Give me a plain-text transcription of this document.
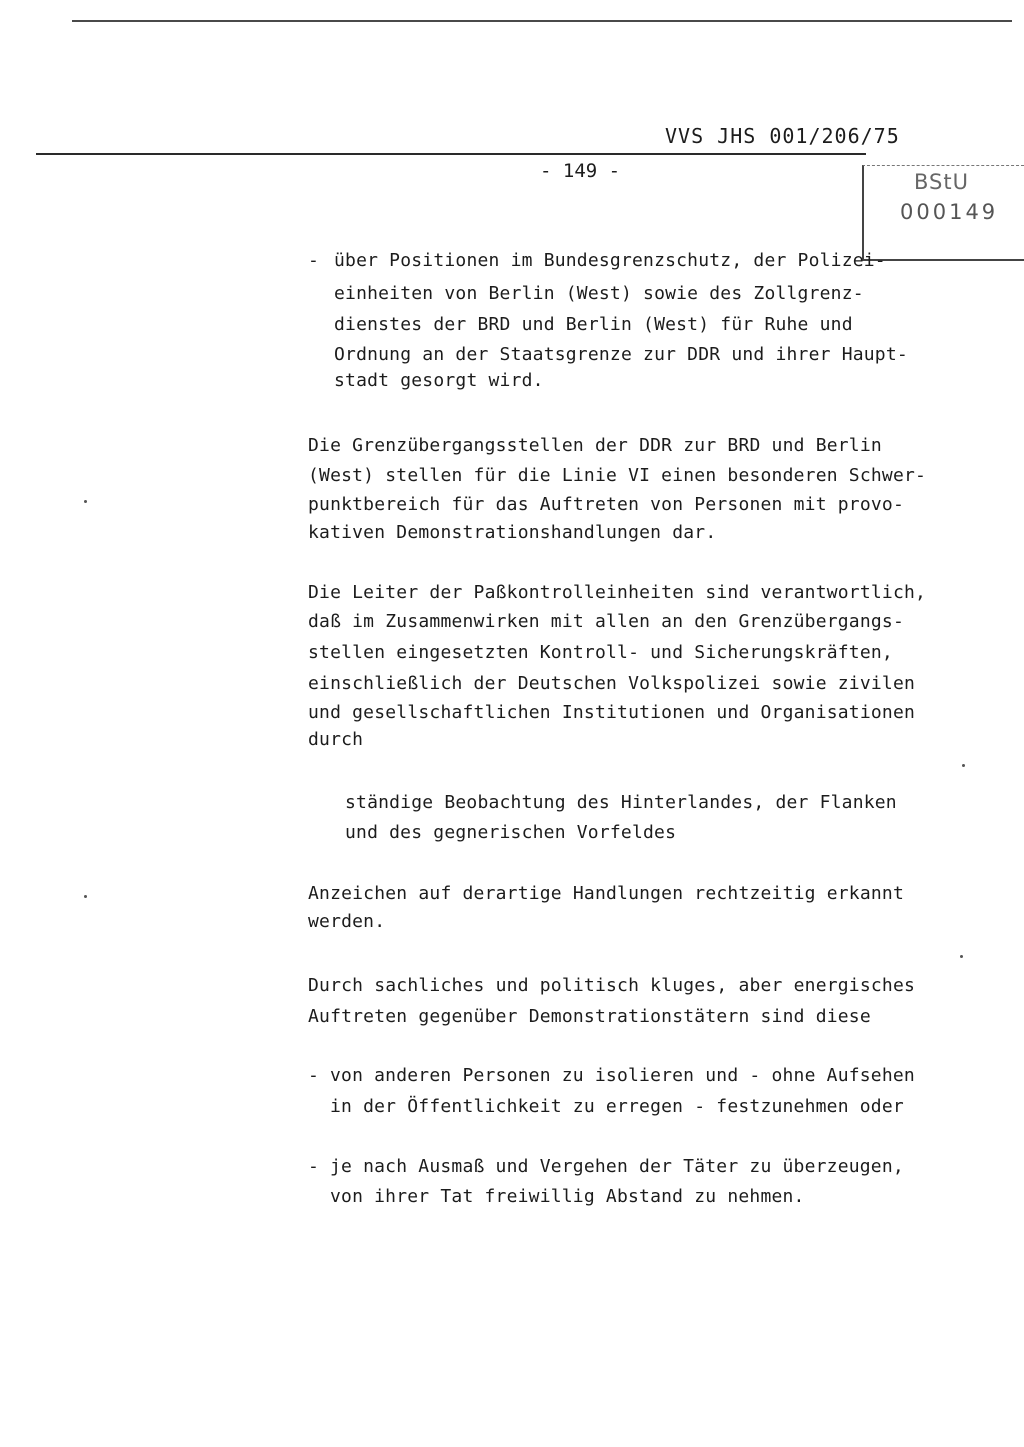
VVS JHS 001/206/75
- 149 -	BStU
000149
- über Positionen im Bundesgrenzschutz, der Polizei-
einheiten von Berlin (West) sowie des Zollgrenz-
dienstes der BRD und Berlin (West) für Ruhe und
Ordnung an der Staatsgrenze zur DDR und ihrer Haupt-
stadt gesorgt wird.
Die Grenzübergangsstellen der DDR zur BRD und Berlin
(West) stellen für die Linie VI einen besonderen Schwer-
punktbereich für das Auftreten von Personen mit provo-
kativen Demonstrationshandlungen dar.
Die Leiter der Paßkontrolleinheiten sind verantwortlich,
daß im Zusammenwirken mit allen an den Grenzübergangs-
stellen eingesetzten Kontroll- und Sicherungskräften,
einschließlich der Deutschen Volkspolizei sowie zivilen
und gesellschaftlichen Institutionen und Organisationen
durch
ständige Beobachtung des Hinterlandes, der Flanken
und des gegnerischen Vorfeldes
Anzeichen auf derartige Handlungen rechtzeitig erkannt
werden.
Durch sachliches und politisch kluges, aber energisches
Auftreten gegenüber Demonstrationstätern sind diese
- von anderen Personen zu isolieren und - ohne Aufsehen
in der Öffentlichkeit zu erregen - festzunehmen oder
- je nach Ausmaß und Vergehen der Täter zu überzeugen,
von ihrer Tat freiwillig Abstand zu nehmen.
